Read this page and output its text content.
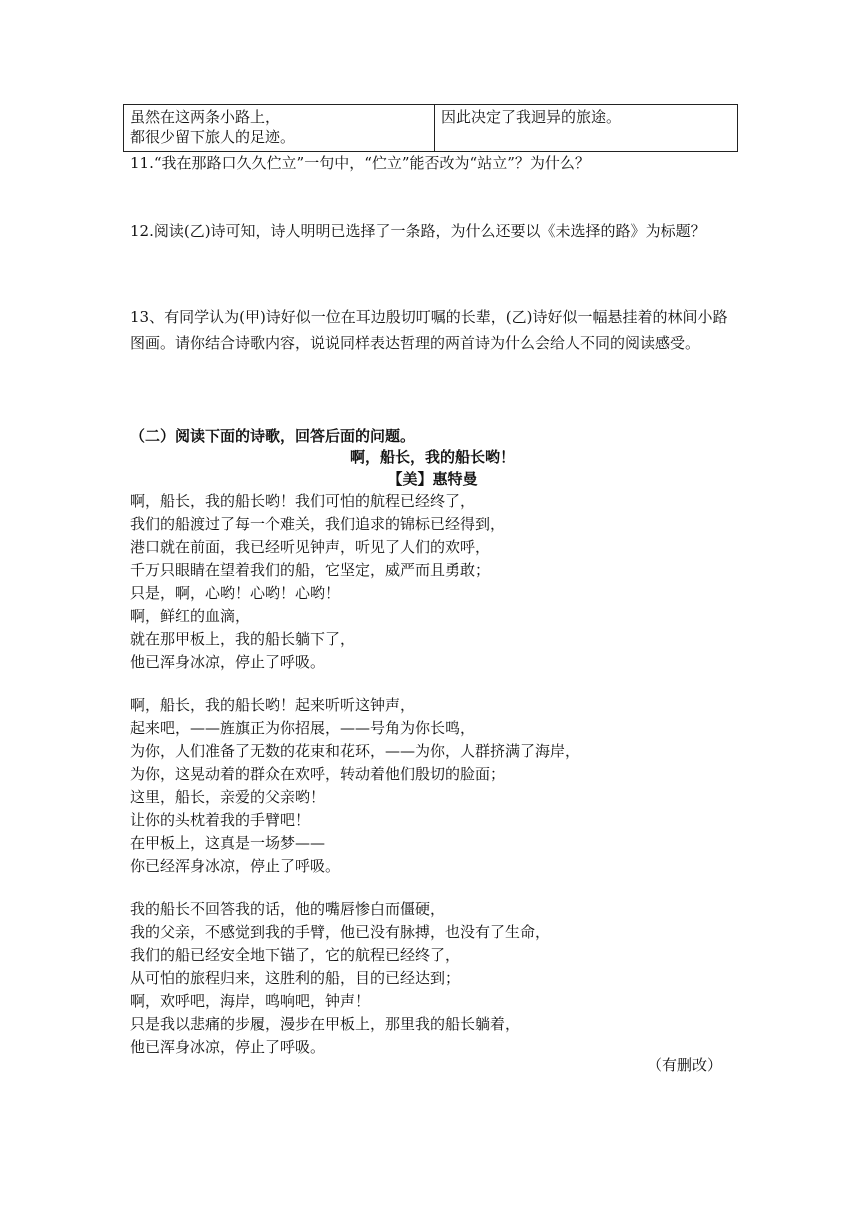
虽然在这两条小路上，
都很少留下旅人的足迹。
	因此决定了我迥异的旅途。
11.“我在那路口久久伫立”一句中，“伫立”能否改为“站立”？为什么？
12.阅读(乙)诗可知，诗人明明已选择了一条路，为什么还要以《未选择的路》为标题？
13、有同学认为(甲)诗好似一位在耳边殷切叮嘱的长辈，(乙)诗好似一幅悬挂着的林间小路图画。请你结合诗歌内容，说说同样表达哲理的两首诗为什么会给人不同的阅读感受。
（二）阅读下面的诗歌，回答后面的问题。
啊，船长，我的船长哟！
【美】惠特曼
啊，船长，我的船长哟！我们可怕的航程已经终了，
我们的船渡过了每一个难关，我们追求的锦标已经得到，
港口就在前面，我已经听见钟声，听见了人们的欢呼，
千万只眼睛在望着我们的船，它坚定，威严而且勇敢；
只是，啊，心哟！心哟！心哟！
啊，鲜红的血滴，
就在那甲板上，我的船长躺下了，
他已浑身冰凉，停止了呼吸。
啊，船长，我的船长哟！起来听听这钟声，
起来吧，——旌旗正为你招展，——号角为你长鸣，
为你，人们准备了无数的花束和花环，——为你，人群挤满了海岸，
为你，这晃动着的群众在欢呼，转动着他们殷切的脸面；
这里，船长，亲爱的父亲哟！
让你的头枕着我的手臂吧！
在甲板上，这真是一场梦——
你已经浑身冰凉，停止了呼吸。
我的船长不回答我的话，他的嘴唇惨白而僵硬，
我的父亲，不感觉到我的手臂，他已没有脉搏，也没有了生命，
我们的船已经安全地下锚了，它的航程已经终了，
从可怕的旅程归来，这胜利的船，目的已经达到；
啊，欢呼吧，海岸，鸣响吧，钟声！
只是我以悲痛的步履，漫步在甲板上，那里我的船长躺着，
他已浑身冰凉，停止了呼吸。
（有删改）
